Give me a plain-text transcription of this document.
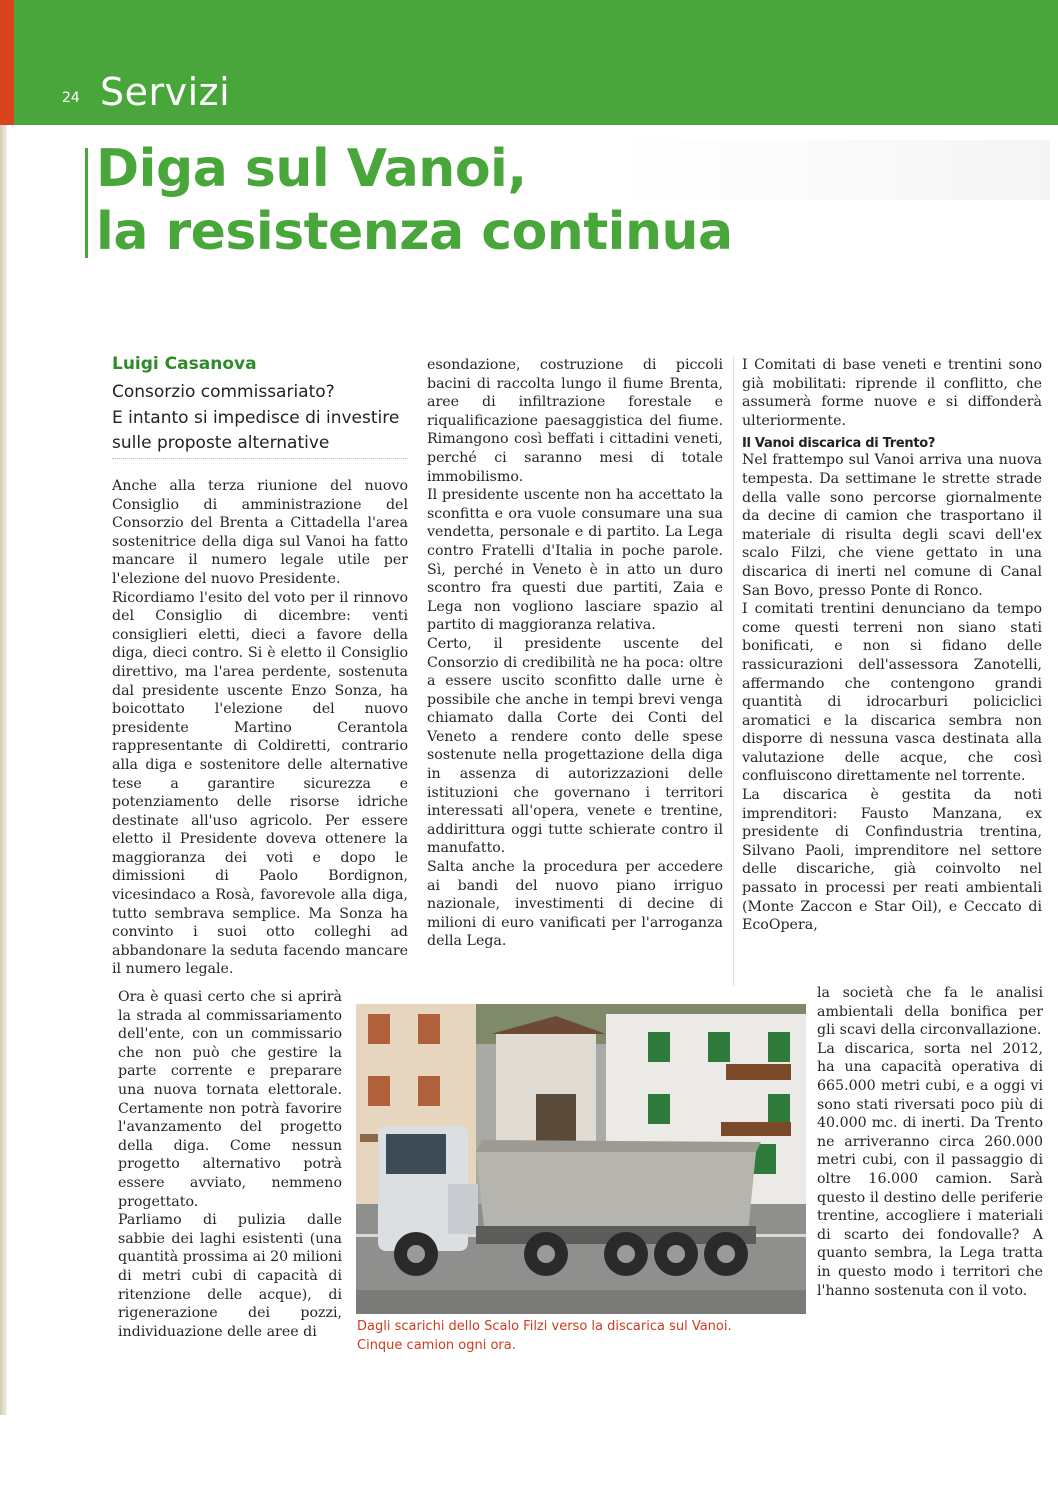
24 Servizi
Diga sul Vanoi,
la resistenza continua
Luigi Casanova
Consorzio commissariato?
E intanto si impedisce di investire
sulle proposte alternative

Anche alla terza riunione del nuovo Consiglio di amministrazione del Consorzio del Brenta a Cittadella l'area sostenitrice della diga sul Vanoi ha fatto mancare il numero legale utile per l'elezione del nuovo Presidente.

Ricordiamo l'esito del voto per il rinnovo del Consiglio di dicembre: venti consiglieri eletti, dieci a favore della diga, dieci contro. Si è eletto il Consiglio direttivo, ma l'area perdente, sostenuta dal presidente uscente Enzo Sonza, ha boicottato l'elezione del nuovo presidente Martino Cerantola rappresentante di Coldiretti, contrario alla diga e sostenitore delle alternative tese a garantire sicurezza e potenziamento delle risorse idriche destinate all'uso agricolo. Per essere eletto il Presidente doveva ottenere la maggioranza dei voti e dopo le dimissioni di Paolo Bordignon, vicesindaco a Rosà, favorevole alla diga, tutto sembrava semplice. Ma Sonza ha convinto i suoi otto colleghi ad abbandonare la seduta facendo mancare il numero legale.

Ora è quasi certo che si aprirà la strada al commissariamento dell'ente, con un commissario che non può che gestire la parte corrente e preparare una nuova tornata elettorale. Certamente non potrà favorire l'avanzamento del progetto della diga. Come nessun progetto alternativo potrà essere avviato, nemmeno progettato.

Parliamo di pulizia dalle sabbie dei laghi esistenti (una quantità prossima ai 20 milioni di metri cubi di capacità di ritenzione delle acque), di rigenerazione dei pozzi, individuazione delle aree di

esondazione, costruzione di piccoli bacini di raccolta lungo il fiume Brenta, aree di infiltrazione forestale e riqualificazione paesaggistica del fiume. Rimangono così beffati i cittadini veneti, perché ci saranno mesi di totale immobilismo.

Il presidente uscente non ha accettato la sconfitta e ora vuole consumare una sua vendetta, personale e di partito. La Lega contro Fratelli d'Italia in poche parole. Sì, perché in Veneto è in atto un duro scontro fra questi due partiti, Zaia e Lega non vogliono lasciare spazio al partito di maggioranza relativa.

Certo, il presidente uscente del Consorzio di credibilità ne ha poca: oltre a essere uscito sconfitto dalle urne è possibile che anche in tempi brevi venga chiamato dalla Corte dei Conti del Veneto a rendere conto delle spese sostenute nella progettazione della diga in assenza di autorizzazioni delle istituzioni che governano i territori interessati all'opera, venete e trentine, addirittura oggi tutte schierate contro il manufatto.

Salta anche la procedura per accedere ai bandi del nuovo piano irriguo nazionale, investimenti di decine di milioni di euro vanificati per l'arroganza della Lega.

I Comitati di base veneti e trentini sono già mobilitati: riprende il conflitto, che assumerà forme nuove e si diffonderà ulteriormente.

Il Vanoi discarica di Trento?

Nel frattempo sul Vanoi arriva una nuova tempesta. Da settimane le strette strade della valle sono percorse giornalmente da decine di camion che trasportano il materiale di risulta degli scavi dell'ex scalo Filzi, che viene gettato in una discarica di inerti nel comune di Canal San Bovo, presso Ponte di Ronco.

I comitati trentini denunciano da tempo come questi terreni non siano stati bonificati, e non si fidano delle rassicurazioni dell'assessora Zanotelli, affermando che contengono grandi quantità di idrocarburi policiclici aromatici e la discarica sembra non disporre di nessuna vasca destinata alla valutazione delle acque, che così confluiscono direttamente nel torrente.

La discarica è gestita da noti imprenditori: Fausto Manzana, ex presidente di Confindustria trentina, Silvano Paoli, imprenditore nel settore delle discariche, già coinvolto nel passato in processi per reati ambientali (Monte Zaccon e Star Oil), e Ceccato di EcoOpera,

la società che fa le analisi ambientali della bonifica per gli scavi della circonvallazione.

La discarica, sorta nel 2012, ha una capacità operativa di 665.000 metri cubi, e a oggi vi sono stati riversati poco più di 40.000 mc. di inerti. Da Trento ne arriveranno circa 260.000 metri cubi, con il passaggio di oltre 16.000 camion. Sarà questo il destino delle periferie trentine, accogliere i materiali di scarto dei fondovalle? A quanto sembra, la Lega tratta in questo modo i territori che l'hanno sostenuta con il voto.

Dagli scarichi dello Scalo Filzi verso la discarica sul Vanoi.
Cinque camion ogni ora.
